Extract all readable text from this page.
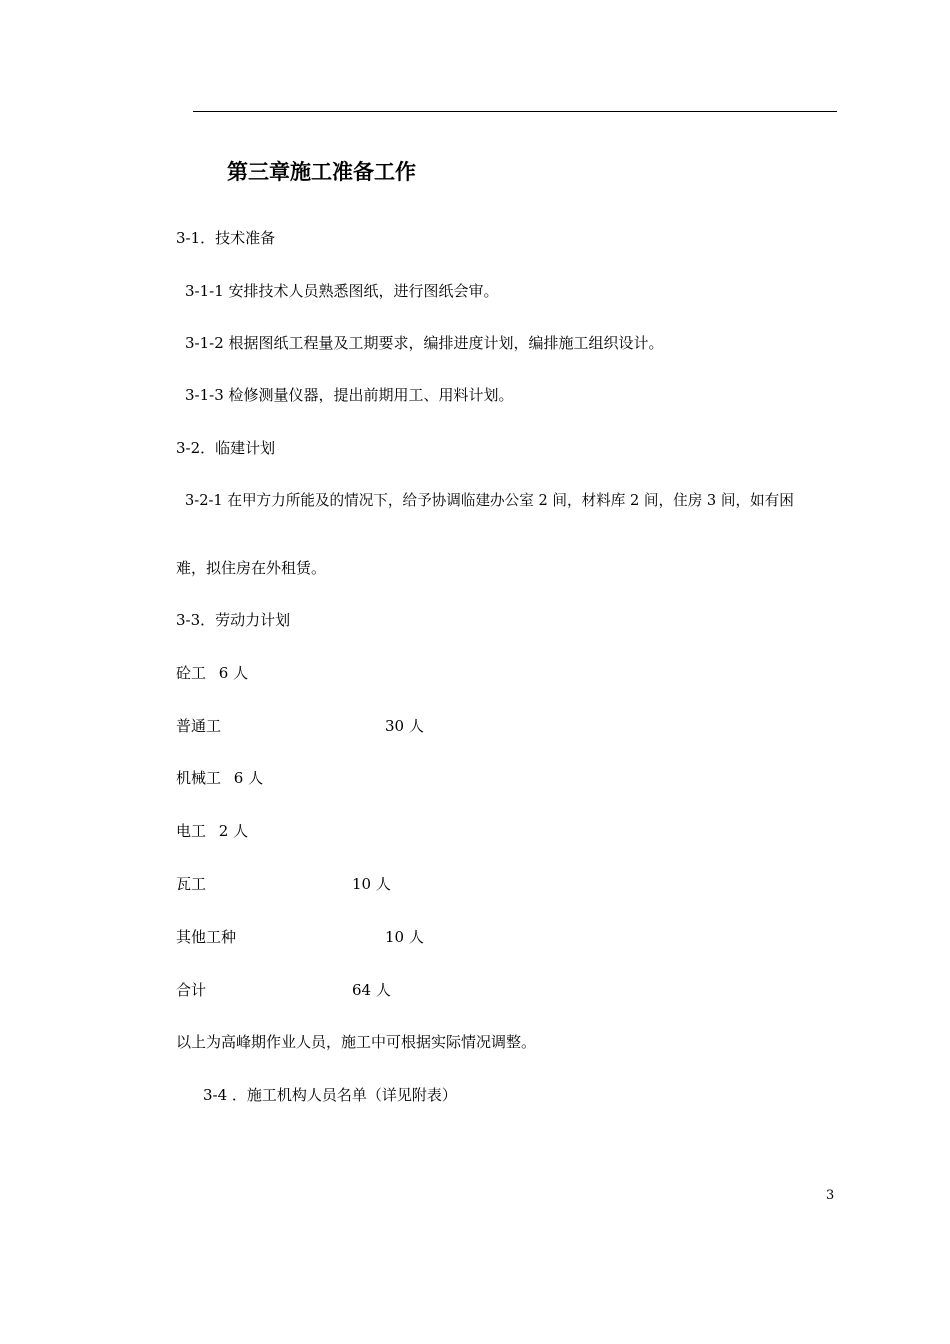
第三章施工准备工作
3-1．技术准备
3-1-1 安排技术人员熟悉图纸，进行图纸会审。
3-1-2 根据图纸工程量及工期要求，编排进度计划，编排施工组织设计。
3-1-3 检修测量仪器，提出前期用工、用料计划。
3-2．临建计划
3-2-1 在甲方力所能及的情况下，给予协调临建办公室 2 间，材料库 2 间，住房 3 间，如有困
难，拟住房在外租赁。
3-3．劳动力计划
砼工 6 人
普通工	30 人
机械工 6 人
电工 2 人
瓦工	10 人
其他工种	10 人
合计	64 人
以上为高峰期作业人员，施工中可根据实际情况调整。
3-4 ．施工机构人员名单（详见附表）
3
